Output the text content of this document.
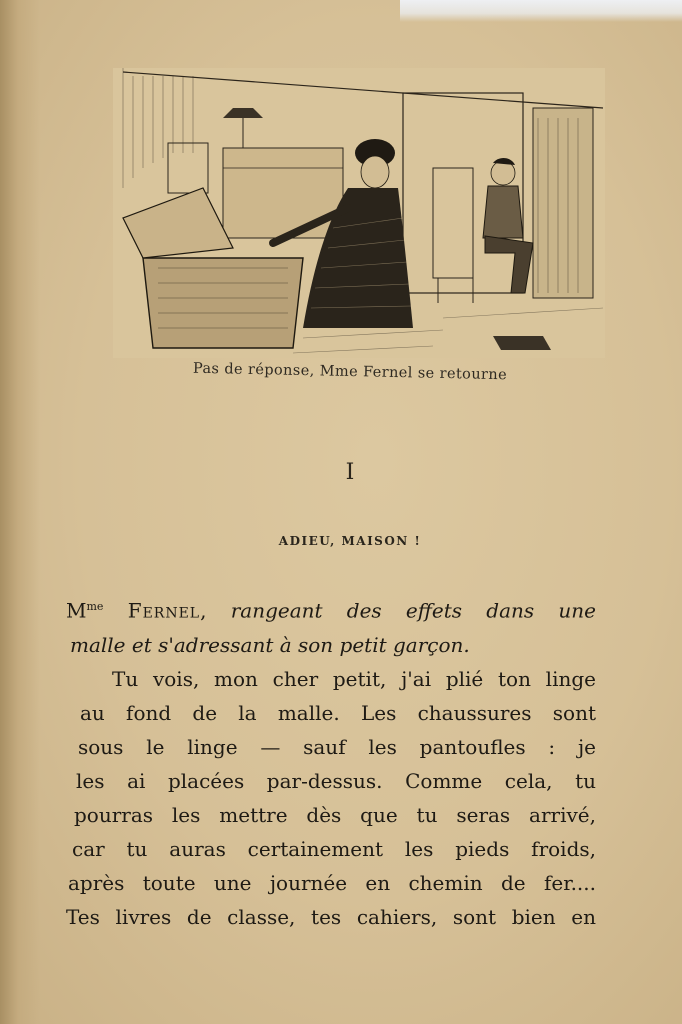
Pas de réponse, Mme Fernel se retourne
I
ADIEU, MAISON !
$M^{me}$ Fernel, rangeant des effets dans une
malle et s'adressant à son petit garçon.
Tu vois, mon cher petit, j'ai plié ton linge
au fond de la malle. Les chaussures sont
sous le linge — sauf les pantoufles : je
les ai placées par-dessus. Comme cela, tu
pourras les mettre dès que tu seras arrivé,
car tu auras certainement les pieds froids,
après toute une journée en chemin de fer....
Tes livres de classe, tes cahiers, sont bien en
